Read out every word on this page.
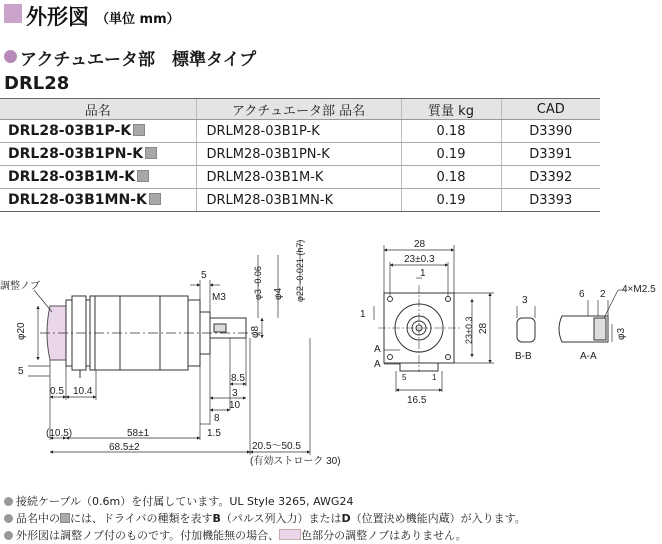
外形図 （単位 mm）
アクチュエータ部　標準タイプ
DRL28
品名	アクチュエータ部 品名	質量 kg	CAD
DRL28-03B1P-K	DRLM28-03B1P-K	0.18	D3390
DRL28-03B1PN-K	DRLM28-03B1PN-K	0.19	D3391
DRL28-03B1M-K	DRLM28-03B1M-K	0.18	D3392
DRL28-03B1MN-K	DRLM28-03B1MN-K	0.19	D3393
調整ノブ
5
M3
φ20	φ8
φ3 -0.06 φ4 φ22 -0.021 (h7)
5
0.5 10.4
8.5
3
10
8
(10.5)	58±1	1.5
68.5±2	20.5～50.5
(有効ストローク 30)
28
23±0.3
1
1
23±0.3 28
A
A
5	1
16.5
3
B-B
6 2 4×M2.5
φ3
A-A
接続ケーブル（0.6m）を付属しています。UL Style 3265, AWG24
品名中の には、ドライバの種類を表すB（パルス列入力）またはD（位置決め機能内蔵）が入ります。
外形図は調整ノブ付のものです。付加機能無の場合、 色部分の調整ノブはありません。
